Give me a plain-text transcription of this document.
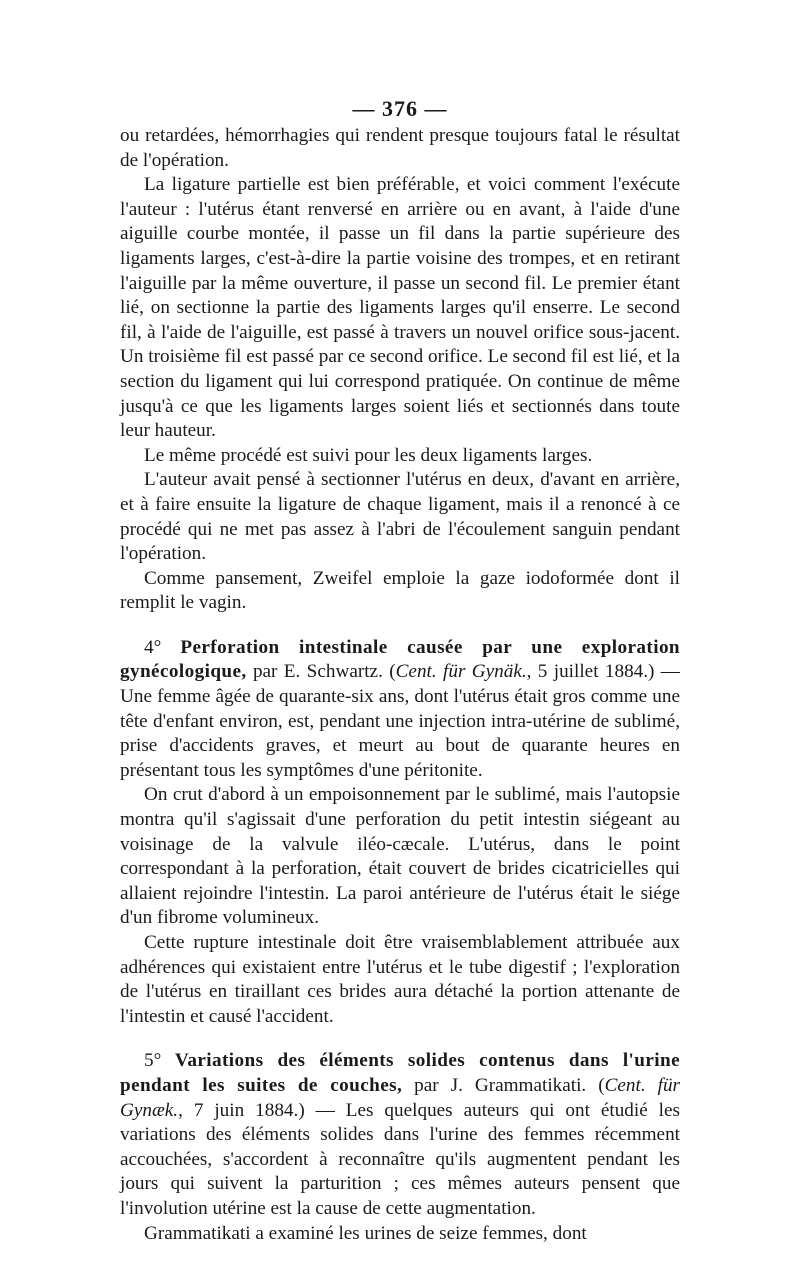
— 376 —

ou retardées, hémorrhagies qui rendent presque toujours fatal le résultat de l'opération.

La ligature partielle est bien préférable, et voici comment l'exécute l'auteur : l'utérus étant renversé en arrière ou en avant, à l'aide d'une aiguille courbe montée, il passe un fil dans la partie supérieure des ligaments larges, c'est-à-dire la partie voisine des trompes, et en retirant l'aiguille par la même ouverture, il passe un second fil. Le premier étant lié, on sectionne la partie des ligaments larges qu'il enserre. Le second fil, à l'aide de l'aiguille, est passé à travers un nouvel orifice sous-jacent. Un troisième fil est passé par ce second orifice. Le second fil est lié, et la section du ligament qui lui correspond pratiquée. On continue de même jusqu'à ce que les ligaments larges soient liés et sectionnés dans toute leur hauteur.

Le même procédé est suivi pour les deux ligaments larges.

L'auteur avait pensé à sectionner l'utérus en deux, d'avant en arrière, et à faire ensuite la ligature de chaque ligament, mais il a renoncé à ce procédé qui ne met pas assez à l'abri de l'écoulement sanguin pendant l'opération.

Comme pansement, Zweifel emploie la gaze iodoformée dont il remplit le vagin.

4° Perforation intestinale causée par une exploration gynécologique, par E. Schwartz. (Cent. für Gynäk., 5 juillet 1884.) — Une femme âgée de quarante-six ans, dont l'utérus était gros comme une tête d'enfant environ, est, pendant une injection intra-utérine de sublimé, prise d'accidents graves, et meurt au bout de quarante heures en présentant tous les symptômes d'une péritonite.

On crut d'abord à un empoisonnement par le sublimé, mais l'autopsie montra qu'il s'agissait d'une perforation du petit intestin siégeant au voisinage de la valvule iléo-cæcale. L'utérus, dans le point correspondant à la perforation, était couvert de brides cicatricielles qui allaient rejoindre l'intestin. La paroi antérieure de l'utérus était le siége d'un fibrome volumineux.

Cette rupture intestinale doit être vraisemblablement attribuée aux adhérences qui existaient entre l'utérus et le tube digestif ; l'exploration de l'utérus en tiraillant ces brides aura détaché la portion attenante de l'intestin et causé l'accident.

5° Variations des éléments solides contenus dans l'urine pendant les suites de couches, par J. Grammatikati. (Cent. für Gynæk., 7 juin 1884.) — Les quelques auteurs qui ont étudié les variations des éléments solides dans l'urine des femmes récemment accouchées, s'accordent à reconnaître qu'ils augmentent pendant les jours qui suivent la parturition ; ces mêmes auteurs pensent que l'involution utérine est la cause de cette augmentation.

Grammatikati a examiné les urines de seize femmes, dont
